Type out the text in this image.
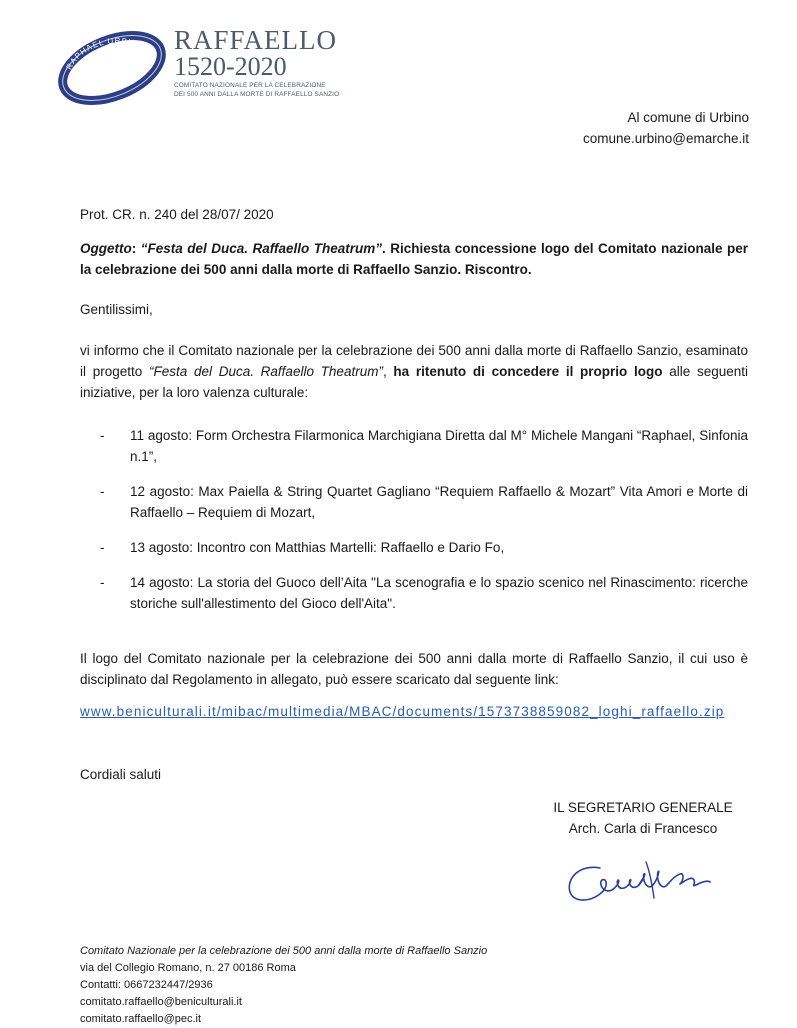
RAPHAEL URBINAS RAFFAELLO
1520-2020
COMITATO NAZIONALE PER LA CELEBRAZIONE
DEI 500 ANNI DALLA MORTE DI RAFFAELLO SANZIO
Al comune di Urbino
comune.urbino@emarche.it
Prot. CR. n. 240 del 28/07/ 2020
Oggetto: “Festa del Duca. Raffaello Theatrum”. Richiesta concessione logo del Comitato nazionale per la celebrazione dei 500 anni dalla morte di Raffaello Sanzio. Riscontro.
Gentilissimi,
vi informo che il Comitato nazionale per la celebrazione dei 500 anni dalla morte di Raffaello Sanzio, esaminato il progetto “Festa del Duca. Raffaello Theatrum”, ha ritenuto di concedere il proprio logo alle seguenti iniziative, per la loro valenza culturale:
- 11 agosto: Form Orchestra Filarmonica Marchigiana Diretta dal M° Michele Mangani “Raphael, Sinfonia n.1”,
- 12 agosto: Max Paiella & String Quartet Gagliano “Requiem Raffaello & Mozart” Vita Amori e Morte di Raffaello – Requiem di Mozart,
- 13 agosto: Incontro con Matthias Martelli: Raffaello e Dario Fo,
- 14 agosto: La storia del Guoco dell’Aita "La scenografia e lo spazio scenico nel Rinascimento: ricerche storiche sull'allestimento del Gioco dell'Aita".
Il logo del Comitato nazionale per la celebrazione dei 500 anni dalla morte di Raffaello Sanzio, il cui uso è disciplinato dal Regolamento in allegato, può essere scaricato dal seguente link:
www.beniculturali.it/mibac/multimedia/MBAC/documents/1573738859082_loghi_raffaello.zip
Cordiali saluti
IL SEGRETARIO GENERALE
Arch. Carla di Francesco
Comitato Nazionale per la celebrazione dei 500 anni dalla morte di Raffaello Sanzio
via del Collegio Romano, n. 27 00186 Roma
Contatti: 0667232447/2936
comitato.raffaello@beniculturali.it
comitato.raffaello@pec.it
